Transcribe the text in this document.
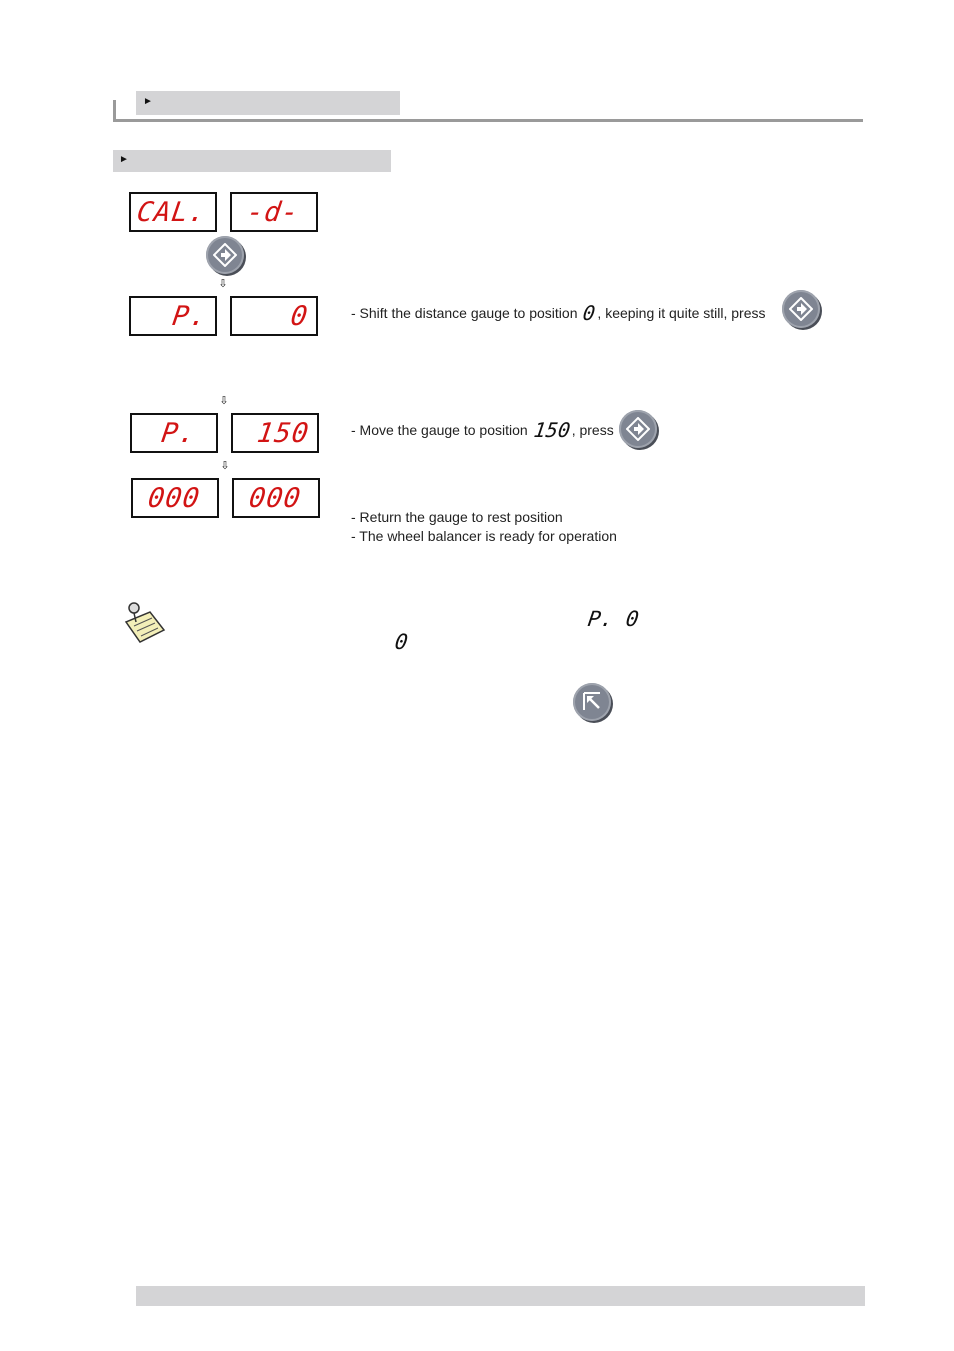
►
►
CAL.	-d-
⇩
P.	0	- Shift the distance gauge to position 0, keeping it quite still, press
⇩
P.	150	- Move the gauge to position 150, press
⇩
000	000
- Return the gauge to rest position
- The wheel balancer is ready for operation
P. 0
0
